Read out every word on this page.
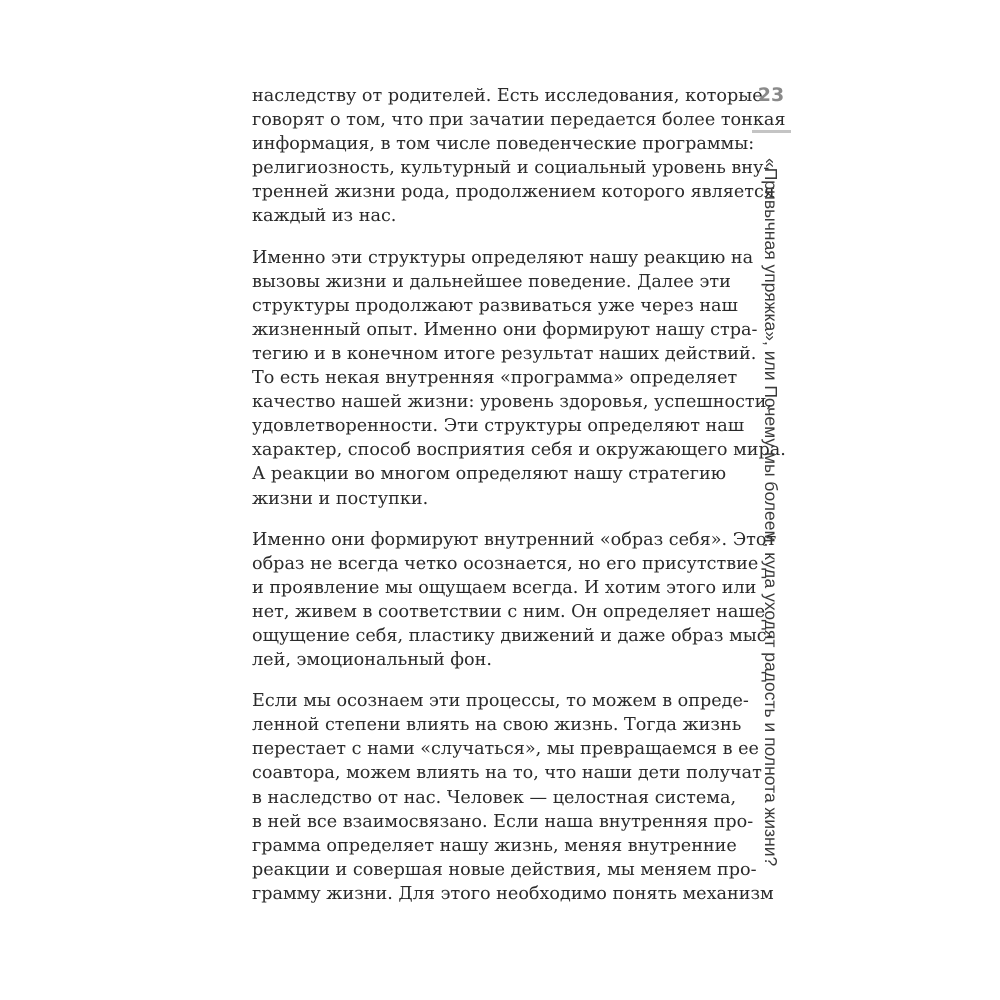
наследству от родителей. Есть исследования, которые
говорят о том, что при зачатии передается более тонкая
информация, в том числе поведенческие программы:
религиозность, культурный и социальный уровень вну-
тренней жизни рода, продолжением которого является
каждый из нас.

Именно эти структуры определяют нашу реакцию на
вызовы жизни и дальнейшее поведение. Далее эти
структуры продолжают развиваться уже через наш
жизненный опыт. Именно они формируют нашу стра-
тегию и в конечном итоге результат наших действий.
То есть некая внутренняя «программа» определяет
качество нашей жизни: уровень здоровья, успешности,
удовлетворенности. Эти структуры определяют наш
характер, способ восприятия себя и окружающего мира.
А реакции во многом определяют нашу стратегию
жизни и поступки.

Именно они формируют внутренний «образ себя». Этот
образ не всегда четко осознается, но его присутствие
и проявление мы ощущаем всегда. И хотим этого или
нет, живем в соответствии с ним. Он определяет наше
ощущение себя, пластику движений и даже образ мыс-
лей, эмоциональный фон.

Если мы осознаем эти процессы, то можем в опреде-
ленной степени влиять на свою жизнь. Тогда жизнь
перестает с нами «случаться», мы превращаемся в ее
соавтора, можем влиять на то, что наши дети получат
в наследство от нас. Человек — целостная система,
в ней все взаимосвязано. Если наша внутренняя про-
грамма определяет нашу жизнь, меняя внутренние
реакции и совершая новые действия, мы меняем про-
грамму жизни. Для этого необходимо понять механизм

23
«Привычная упряжка», или Почему мы болеем, куда уходят радость и полнота жизни?
